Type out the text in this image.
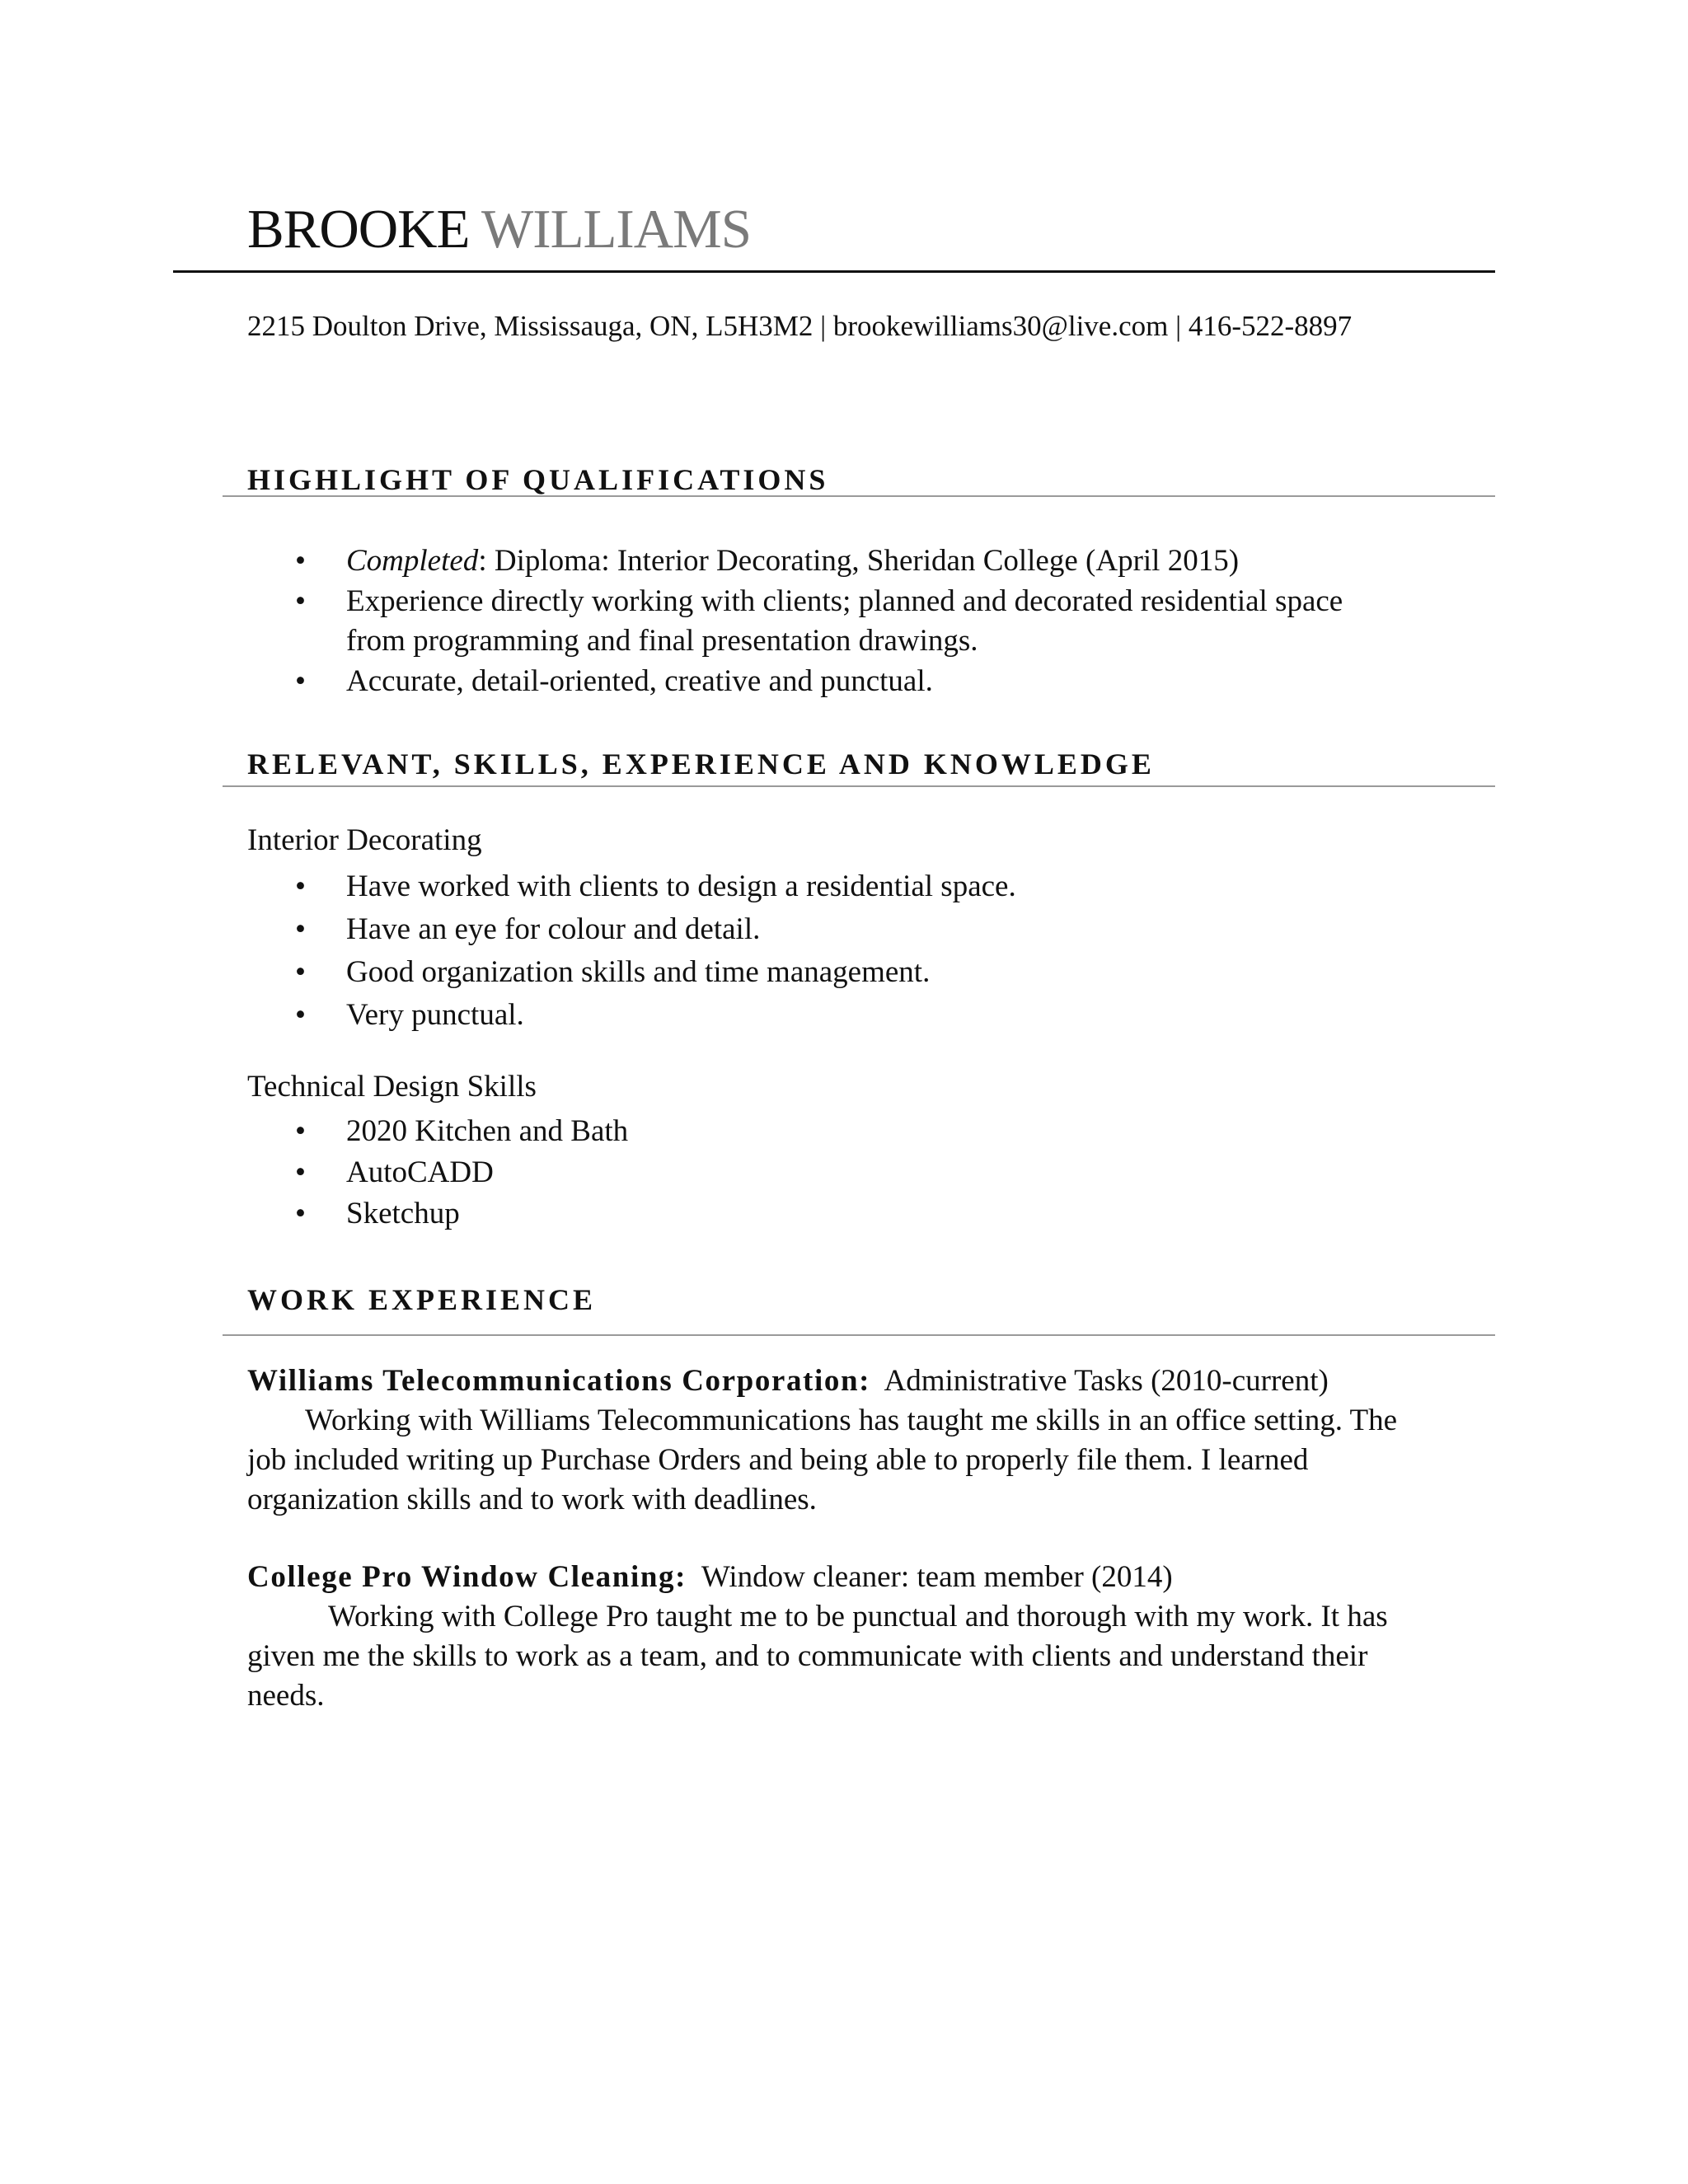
BROOKE WILLIAMS
2215 Doulton Drive, Mississauga, ON, L5H3M2 | brookewilliams30@live.com | 416-522-8897
HIGHLIGHT OF QUALIFICATIONS
• Completed: Diploma: Interior Decorating, Sheridan College (April 2015)
• Experience directly working with clients; planned and decorated residential space from programming and final presentation drawings.
• Accurate, detail-oriented, creative and punctual.
RELEVANT, SKILLS, EXPERIENCE AND KNOWLEDGE
Interior Decorating
• Have worked with clients to design a residential space.
• Have an eye for colour and detail.
• Good organization skills and time management.
• Very punctual.
Technical Design Skills
• 2020 Kitchen and Bath
• AutoCADD
• Sketchup
WORK EXPERIENCE
Williams Telecommunications Corporation: Administrative Tasks (2010-current)

Working with Williams Telecommunications has taught me skills in an office setting. The job included writing up Purchase Orders and being able to properly file them. I learned organization skills and to work with deadlines.

College Pro Window Cleaning: Window cleaner: team member (2014)

Working with College Pro taught me to be punctual and thorough with my work. It has given me the skills to work as a team, and to communicate with clients and understand their needs.
